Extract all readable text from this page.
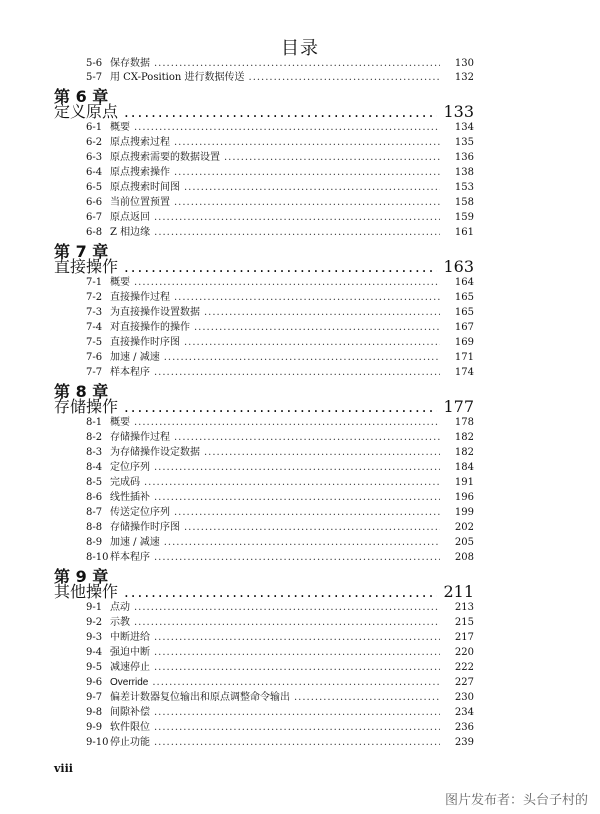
目录
5-6 保存数据 .....	130
5-7 用 CX-Position 进行数据传送 .....	132
第 6 章
定义原点 .....	133
6-1 概要 .....	134
6-2 原点搜索过程 .....	135
6-3 原点搜索需要的数据设置 .....	136
6-4 原点搜索操作 .....	138
6-5 原点搜索时间图 .....	153
6-6 当前位置预置 .....	158
6-7 原点返回 .....	159
6-8 Z 相边缘 .....	161
第 7 章
直接操作 .....	163
7-1 概要 .....	164
7-2 直接操作过程 .....	165
7-3 为直接操作设置数据 .....	165
7-4 对直接操作的操作 .....	167
7-5 直接操作时序图 .....	169
7-6 加速 / 减速 .....	171
7-7 样本程序 .....	174
第 8 章
存储操作 .....	177
8-1 概要 .....	178
8-2 存储操作过程 .....	182
8-3 为存储操作设定数据 .....	182
8-4 定位序列 .....	184
8-5 完成码 .....	191
8-6 线性插补 .....	196
8-7 传送定位序列 .....	199
8-8 存储操作时序图 .....	202
8-9 加速 / 减速 .....	205
8-10 样本程序 .....	208
第 9 章
其他操作 .....	211
9-1 点动 .....	213
9-2 示教 .....	215
9-3 中断进给 .....	217
9-4 强迫中断 .....	220
9-5 减速停止 .....	222
9-6 Override .....	227
9-7 偏差计数器复位输出和原点调整命令输出 .....	230
9-8 间隙补偿 .....	234
9-9 软件限位 .....	236
9-10 停止功能 .....	239
viii
图片发布者：头台子村的
